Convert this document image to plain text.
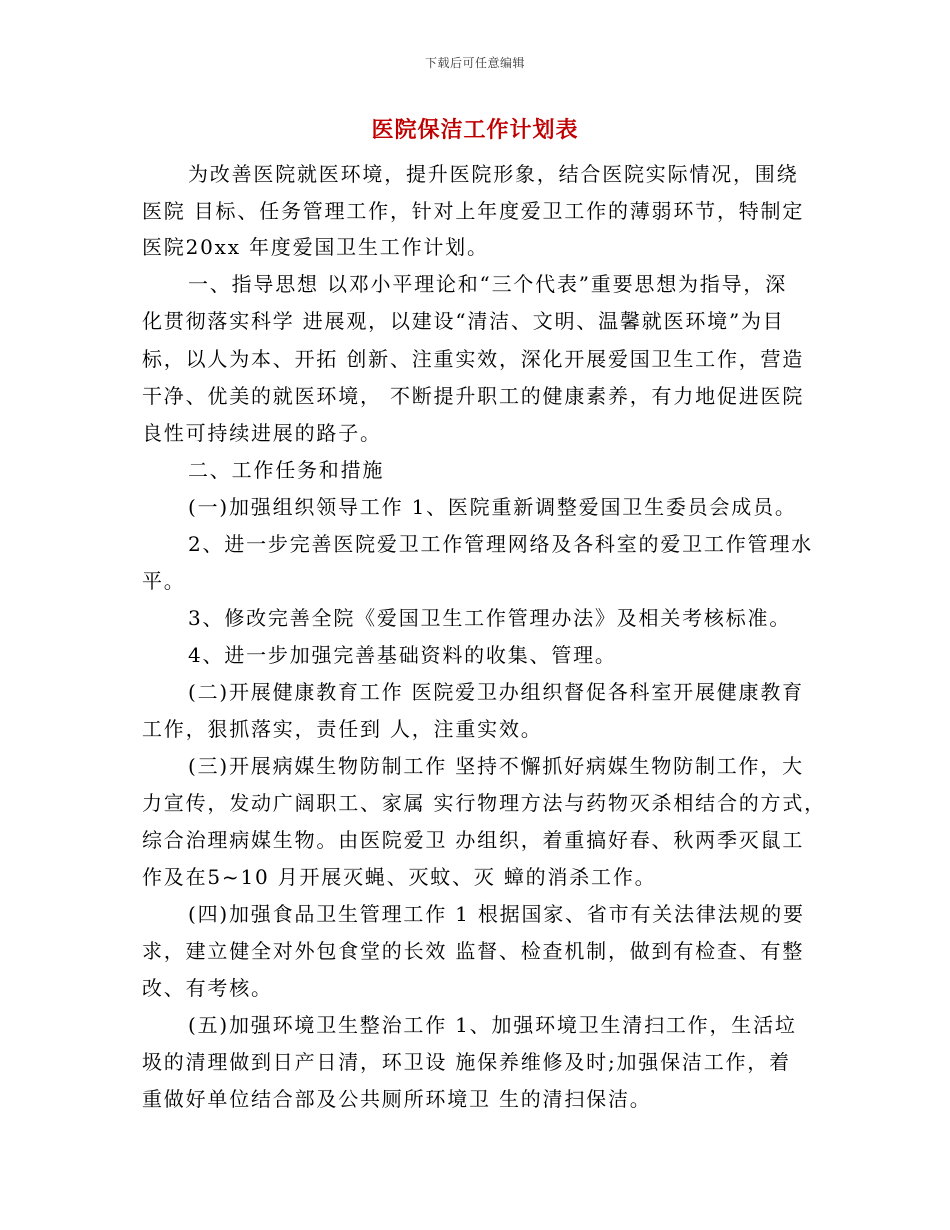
下载后可任意编辑
医院保洁工作计划表
为改善医院就医环境，提升医院形象，结合医院实际情况，围绕
医院 目标、任务管理工作，针对上年度爱卫工作的薄弱环节，特制定
医院20xx 年度爱国卫生工作计划。
一、指导思想 以邓小平理论和“三个代表”重要思想为指导，深
化贯彻落实科学 进展观，以建设“清洁、文明、温馨就医环境”为目
标，以人为本、开拓 创新、注重实效，深化开展爱国卫生工作，营造
干净、优美的就医环境， 不断提升职工的健康素养，有力地促进医院
良性可持续进展的路子。
二、工作任务和措施
(一)加强组织领导工作 1、医院重新调整爱国卫生委员会成员。
2、进一步完善医院爱卫工作管理网络及各科室的爱卫工作管理水
平。
3、修改完善全院《爱国卫生工作管理办法》及相关考核标准。
4、进一步加强完善基础资料的收集、管理。
(二)开展健康教育工作 医院爱卫办组织督促各科室开展健康教育
工作，狠抓落实，责任到 人，注重实效。
(三)开展病媒生物防制工作 坚持不懈抓好病媒生物防制工作，大
力宣传，发动广阔职工、家属 实行物理方法与药物灭杀相结合的方式，
综合治理病媒生物。由医院爱卫 办组织，着重搞好春、秋两季灭鼠工
作及在5~10 月开展灭蝇、灭蚊、灭 蟑的消杀工作。
(四)加强食品卫生管理工作 1 根据国家、省市有关法律法规的要
求，建立健全对外包食堂的长效 监督、检查机制，做到有检查、有整
改、有考核。
(五)加强环境卫生整治工作 1、加强环境卫生清扫工作，生活垃
圾的清理做到日产日清，环卫设 施保养维修及时;加强保洁工作，着
重做好单位结合部及公共厕所环境卫 生的清扫保洁。
